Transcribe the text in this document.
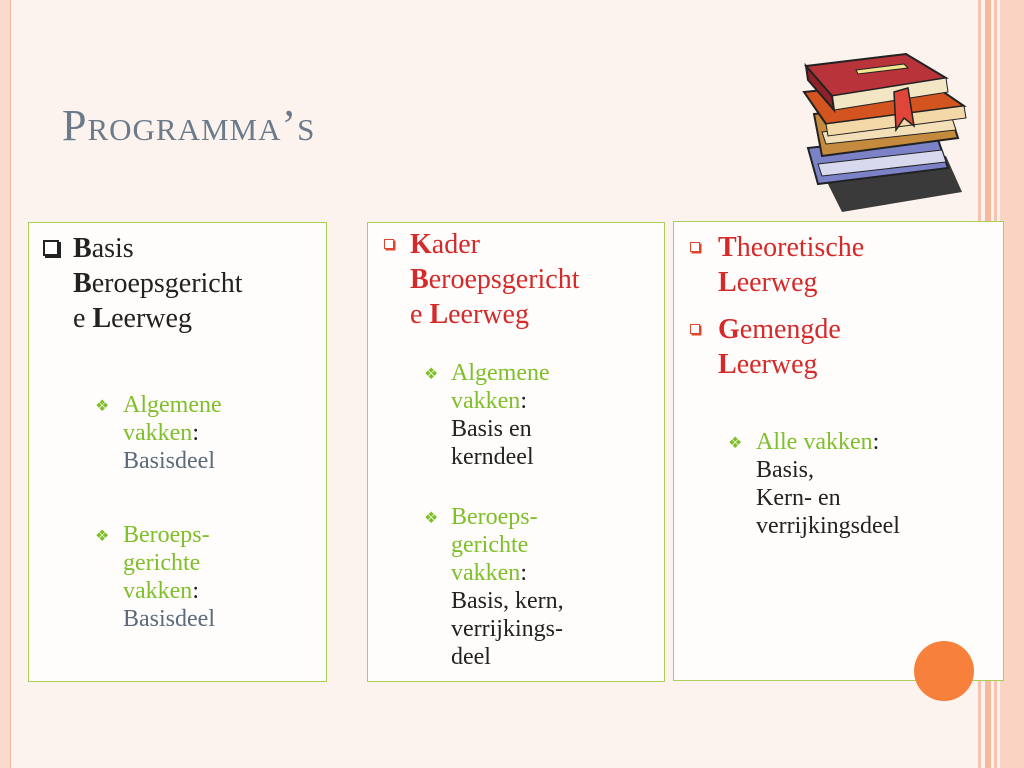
Programma’s
Basis
Beroepsgericht
e Leerweg
❖ Algemene
vakken:
Basisdeel
❖ Beroeps-
gerichte
vakken:
Basisdeel
Kader
Beroepsgericht
e Leerweg
❖ Algemene
vakken:
Basis en
kerndeel
❖ Beroeps-
gerichte
vakken:
Basis, kern,
verrijkings-
deel
Theoretische
Leerweg
Gemengde
Leerweg
❖ Alle vakken:
Basis,
Kern- en
verrijkingsdeel
